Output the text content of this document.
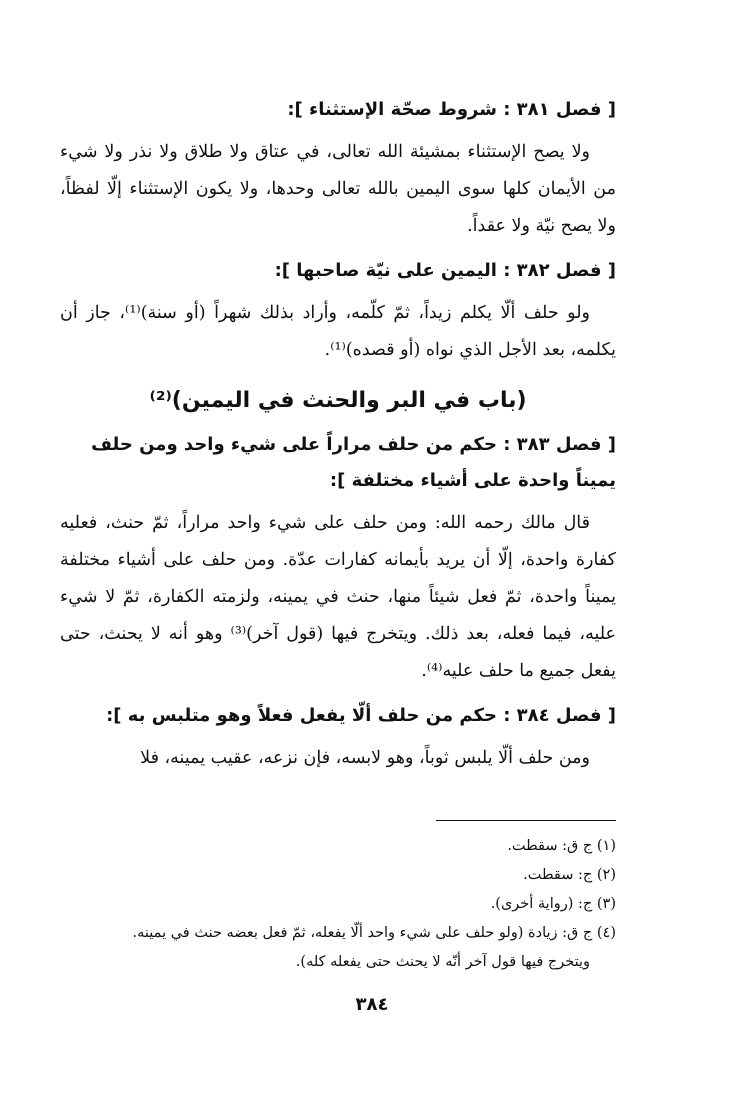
[ فصل ٣٨١ : شروط صحّة الإستثناء ]:

ولا يصح الإستثناء بمشيئة الله تعالى، في عتاق ولا طلاق ولا نذر ولا شيء من الأيمان كلها سوى اليمين بالله تعالى وحدها، ولا يكون الإستثناء إلّا لفظاً، ولا يصح نيّة ولا عقداً.

[ فصل ٣٨٢ : اليمين على نيّة صاحبها ]:

ولو حلف ألّا يكلم زيداً، ثمّ كلّمه، وأراد بذلك شهراً (أو سنة)⁽¹⁾، جاز أن يكلمه، بعد الأجل الذي نواه (أو قصده)⁽¹⁾.

(باب في البر والحنث في اليمين)⁽²⁾
[ فصل ٣٨٣ : حكم من حلف مراراً على شيء واحد ومن حلف يميناً واحدة على أشياء مختلفة ]:

قال مالك رحمه الله: ومن حلف على شيء واحد مراراً، ثمّ حنث، فعليه كفارة واحدة، إلّا أن يريد بأيمانه كفارات عدّة. ومن حلف على أشياء مختلفة يميناً واحدة، ثمّ فعل شيئاً منها، حنث في يمينه، ولزمته الكفارة، ثمّ لا شيء عليه، فيما فعله، بعد ذلك. ويتخرج فيها (قول آخر)⁽³⁾ وهو أنه لا يحنث، حتى يفعل جميع ما حلف عليه⁽⁴⁾.

[ فصل ٣٨٤ : حكم من حلف ألّا يفعل فعلاً وهو متلبس به ]:

ومن حلف ألّا يلبس ثوباً، وهو لابسه، فإن نزعه، عقيب يمينه، فلا

(١) ج ق: سقطت.

(٢) ج: سقطت.

(٣) ج: (رواية أخرى).

(٤) ج ق: زيادة (ولو حلف على شيء واحد ألّا يفعله، ثمّ فعل بعضه حنث في يمينه.
ويتخرج فيها قول آخر أنّه لا يحنث حتى يفعله كله).

٣٨٤
